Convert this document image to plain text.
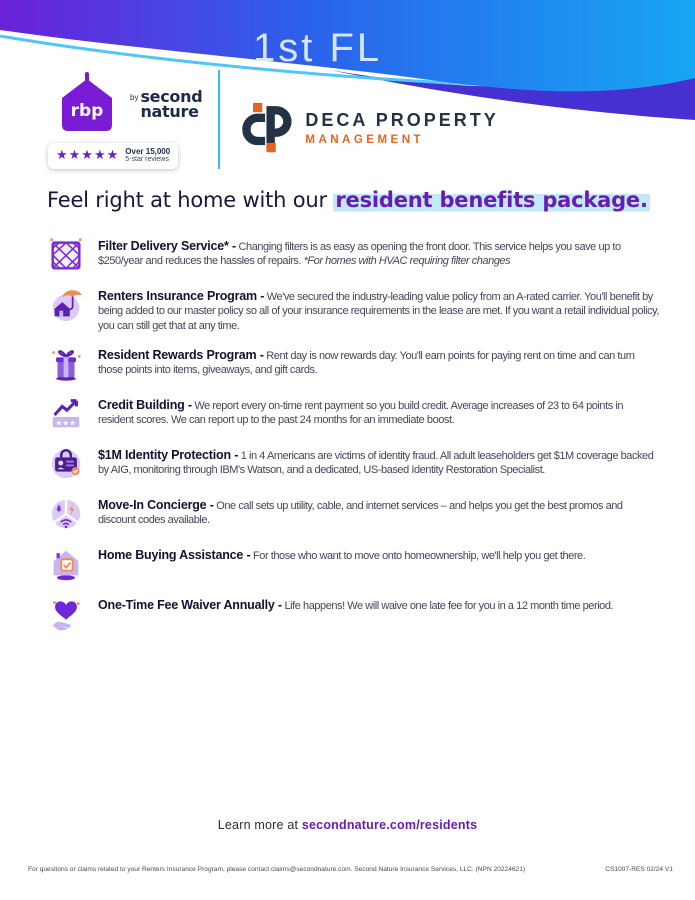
1st FL
rbp
by second
nature
★★★★★ Over 15,000
5-star reviews
DECA PROPERTY
MANAGEMENT
Feel right at home with our resident benefits package.

Filter Delivery Service* - Changing filters is as easy as opening the front door. This service helps you save up to $250/year and reduces the hassles of repairs. *For homes with HVAC requiring filter changes

Renters Insurance Program - We've secured the industry-leading value policy from an A-rated carrier. You'll benefit by being added to our master policy so all of your insurance requirements in the lease are met. If you want a retail individual policy, you can still get that at any time.

Resident Rewards Program - Rent day is now rewards day. You'll earn points for paying rent on time and can turn those points into items, giveaways, and gift cards.

★★★

Credit Building - We report every on-time rent payment so you build credit. Average increases of 23 to 64 points in resident scores. We can report up to the past 24 months for an immediate boost.

$1M Identity Protection - 1 in 4 Americans are victims of identity fraud. All adult leaseholders get $1M coverage backed by AIG, monitoring through IBM's Watson, and a dedicated, US-based Identity Restoration Specialist.

Move-In Concierge - One call sets up utility, cable, and internet services – and helps you get the best promos and discount codes available.

Home Buying Assistance - For those who want to move onto homeownership, we'll help you get there.

One-Time Fee Waiver Annually - Life happens! We will waive one late fee for you in a 12 month time period.

Learn more at secondnature.com/residents

For questions or claims related to your Renters Insurance Program, please contact claims@secondnature.com. Second Nature Insurance Services, LLC. (NPN 20224621)	CS1007-RES 02/24 V1
